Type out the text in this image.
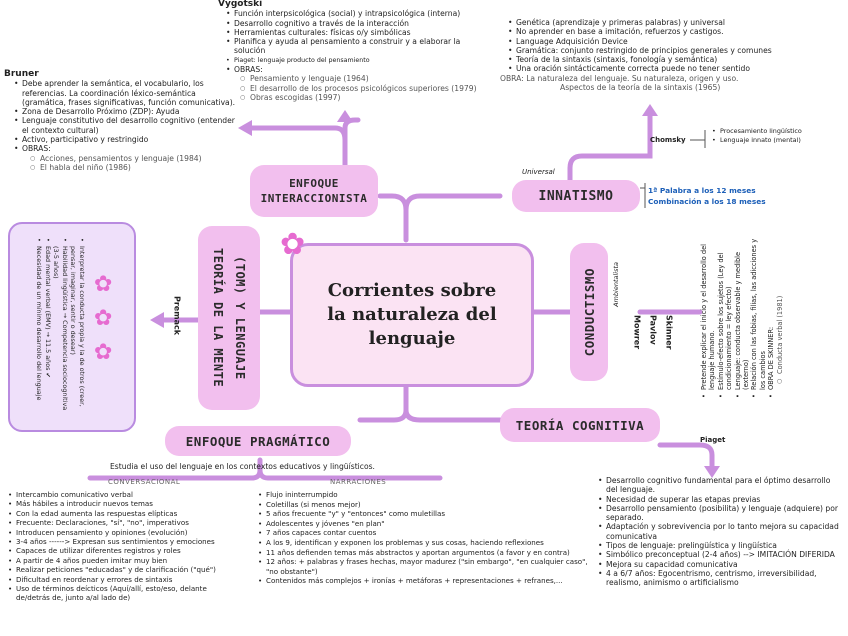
Vygotski
• Función interpsicológica (social) y intrapsicológica (interna)
• Desarrollo cognitivo a través de la interacción
• Herramientas culturales: físicas o/y simbólicas
• Planifica y ayuda al pensamiento a construir y a elaborar la solución
• Piaget: lenguaje producto del pensamiento
• OBRAS:
○ Pensamiento y lenguaje (1964)
○ El desarrollo de los procesos psicológicos superiores (1979)
○ Obras escogidas (1997)
Bruner
• Debe aprender la semántica, el vocabulario, los referencias. La coordinación léxico-semántica (gramática, frases significativas, función comunicativa).
• Zona de Desarrollo Próximo (ZDP): Ayuda
• Lenguaje constitutivo del desarrollo cognitivo (entender el contexto cultural)
• Activo, participativo y restringido
• OBRAS:
○ Acciones, pensamientos y lenguaje (1984)
○ El habla del niño (1986)
• Genética (aprendizaje y primeras palabras) y universal
• No aprender en base a imitación, refuerzos y castigos.
• Language Adquisición Device
• Gramática: conjunto restringido de principios generales y comunes
• Teoría de la sintaxis (sintaxis, fonología y semántica)
• Una oración sintácticamente correcta puede no tener sentido
OBRA: La naturaleza del lenguaje. Su naturaleza, origen y uso.
Aspectos de la teoría de la sintaxis (1965)
Chomsky
• Procesamiento lingüístico
• Lenguaje innato (mental)
Universal
1ª Palabra a los 12 meses
Combinación a los 18 meses
ENFOQUE
INTERACCIONISTA	INNATISMO
Corrientes sobre
la naturaleza del
lenguaje
✿
CONDUCTISMO Ambientalista
Mowrer Pavlov Skinner	• Pretende explicar el inicio y el desarrollo del lenguaje humano. • Estímulo-efecto sobre los sujetos (Ley del condicionamiento = ley efecto) • Lenguaje: conducta observable y medible (externo) • Relación con las fobias, filias, las adicciones y los cambios • OBRA DE SKINNER: ○ Conducta verbal (1981)
TEORÍA DE LA MENTE (TOM) Y LENGUAJE
Premack
• Interpretar la conducta propia y la de otros (creer, pensar, imaginar, sentir o desear)
• Habilidad lingüística → Competencia sociocognitiva (3-5 años)
• Edad mental verbal (EMV) → 11.5 años ✔
• Necesidad de un mínimo desarrollo del lenguaje ✿
✿
✿
TEORÍA COGNITIVA
Piaget
• Desarrollo cognitivo fundamental para el óptimo desarrollo del lenguaje.
• Necesidad de superar las etapas previas
• Desarrollo pensamiento (posibilita) y lenguaje (adquiere) por separado.
• Adaptación y sobrevivencia por lo tanto mejora su capacidad comunicativa
• Tipos de lenguaje: prelingüística y lingüística
• Simbólico preconceptual (2-4 años) --> IMITACIÓN DIFERIDA
• Mejora su capacidad comunicativa
• 4 a 6/7 años: Egocentrismo, centrismo, irreversibilidad, realismo, animismo o artificialismo
ENFOQUE PRAGMÁTICO
Estudia el uso del lenguaje en los contextos educativos y lingüísticos.
CONVERSACIONAL	NARRACIONES
• Intercambio comunicativo verbal
• Más hábiles a introducir nuevos temas
• Con la edad aumenta las respuestas elípticas
• Frecuente: Declaraciones, "sí", "no", imperativos
• Introducen pensamiento y opiniones (evolución)
• 3-4 años ------> Expresan sus sentimientos y emociones
• Capaces de utilizar diferentes registros y roles
• A partir de 4 años pueden imitar muy bien
• Realizar peticiones "educadas" y de clarificación ("qué")
• Dificultad en reordenar y errores de sintaxis
• Uso de términos deícticos (Aquí/allí, esto/eso, delante de/detrás de, junto a/al lado de)
• Flujo ininterrumpido
• Coletillas (si menos mejor)
• 5 años frecuente "y" y "entonces" como muletillas
• Adolescentes y jóvenes "en plan"
• 7 años capaces contar cuentos
• A los 9, identifican y exponen los problemas y sus cosas, haciendo reflexiones
• 11 años defienden temas más abstractos y aportan argumentos (a favor y en contra)
• 12 años: + palabras y frases hechas, mayor madurez ("sin embargo", "en cualquier caso", "no obstante")
• Contenidos más complejos + ironías + metáforas + representaciones + refranes,...
